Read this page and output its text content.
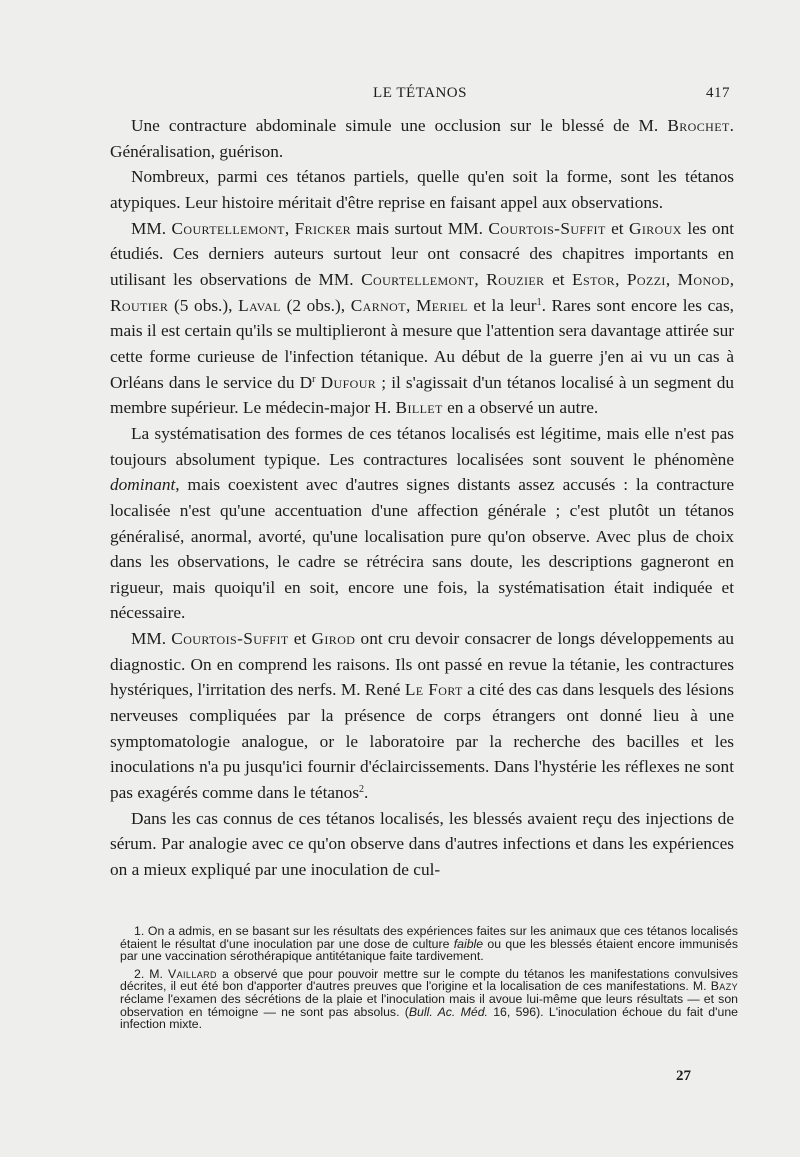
LE TÉTANOS	417

Une contracture abdominale simule une occlusion sur le blessé de M. Brochet. Généralisation, guérison.

Nombreux, parmi ces tétanos partiels, quelle qu'en soit la forme, sont les tétanos atypiques. Leur histoire méritait d'être reprise en faisant appel aux observations.

MM. Courtellemont, Fricker mais surtout MM. Courtois-Suffit et Giroux les ont étudiés. Ces derniers auteurs surtout leur ont consacré des chapitres importants en utilisant les observations de MM. Courtellemont, Rouzier et Estor, Pozzi, Monod, Routier (5 obs.), Laval (2 obs.), Carnot, Meriel et la leur$^1$. Rares sont encore les cas, mais il est certain qu'ils se multiplieront à mesure que l'attention sera davantage attirée sur cette forme curieuse de l'infection tétanique. Au début de la guerre j'en ai vu un cas à Orléans dans le service du $D^r$ Dufour ; il s'agissait d'un tétanos localisé à un segment du membre supérieur. Le médecin-major H. Billet en a observé un autre.

La systématisation des formes de ces tétanos localisés est légitime, mais elle n'est pas toujours absolument typique. Les contractures localisées sont souvent le phénomène dominant, mais coexistent avec d'autres signes distants assez accusés : la contracture localisée n'est qu'une accentuation d'une affection générale ; c'est plutôt un tétanos généralisé, anormal, avorté, qu'une localisation pure qu'on observe. Avec plus de choix dans les observations, le cadre se rétrécira sans doute, les descriptions gagneront en rigueur, mais quoiqu'il en soit, encore une fois, la systématisation était indiquée et nécessaire.

MM. Courtois-Suffit et Girod ont cru devoir consacrer de longs développements au diagnostic. On en comprend les raisons. Ils ont passé en revue la tétanie, les contractures hystériques, l'irritation des nerfs. M. René Le Fort a cité des cas dans lesquels des lésions nerveuses compliquées par la présence de corps étrangers ont donné lieu à une symptomatologie analogue, or le laboratoire par la recherche des bacilles et les inoculations n'a pu jusqu'ici fournir d'éclaircissements. Dans l'hystérie les réflexes ne sont pas exagérés comme dans le tétanos$^2$.

Dans les cas connus de ces tétanos localisés, les blessés avaient reçu des injections de sérum. Par analogie avec ce qu'on observe dans d'autres infections et dans les expériences on a mieux expliqué par une inoculation de cul-

1. On a admis, en se basant sur les résultats des expériences faites sur les animaux que ces tétanos localisés étaient le résultat d'une inoculation par une dose de culture faible ou que les blessés étaient encore immunisés par une vaccination sérothérapique antitétanique faite tardivement.

2. M. Vaillard a observé que pour pouvoir mettre sur le compte du tétanos les manifestations convulsives décrites, il eut été bon d'apporter d'autres preuves que l'origine et la localisation de ces manifestations. M. Bazy réclame l'examen des sécrétions de la plaie et l'inoculation mais il avoue lui-même que leurs résultats — et son observation en témoigne — ne sont pas absolus. (Bull. Ac. Méd. 16, 596). L'inoculation échoue du fait d'une infection mixte.

27
